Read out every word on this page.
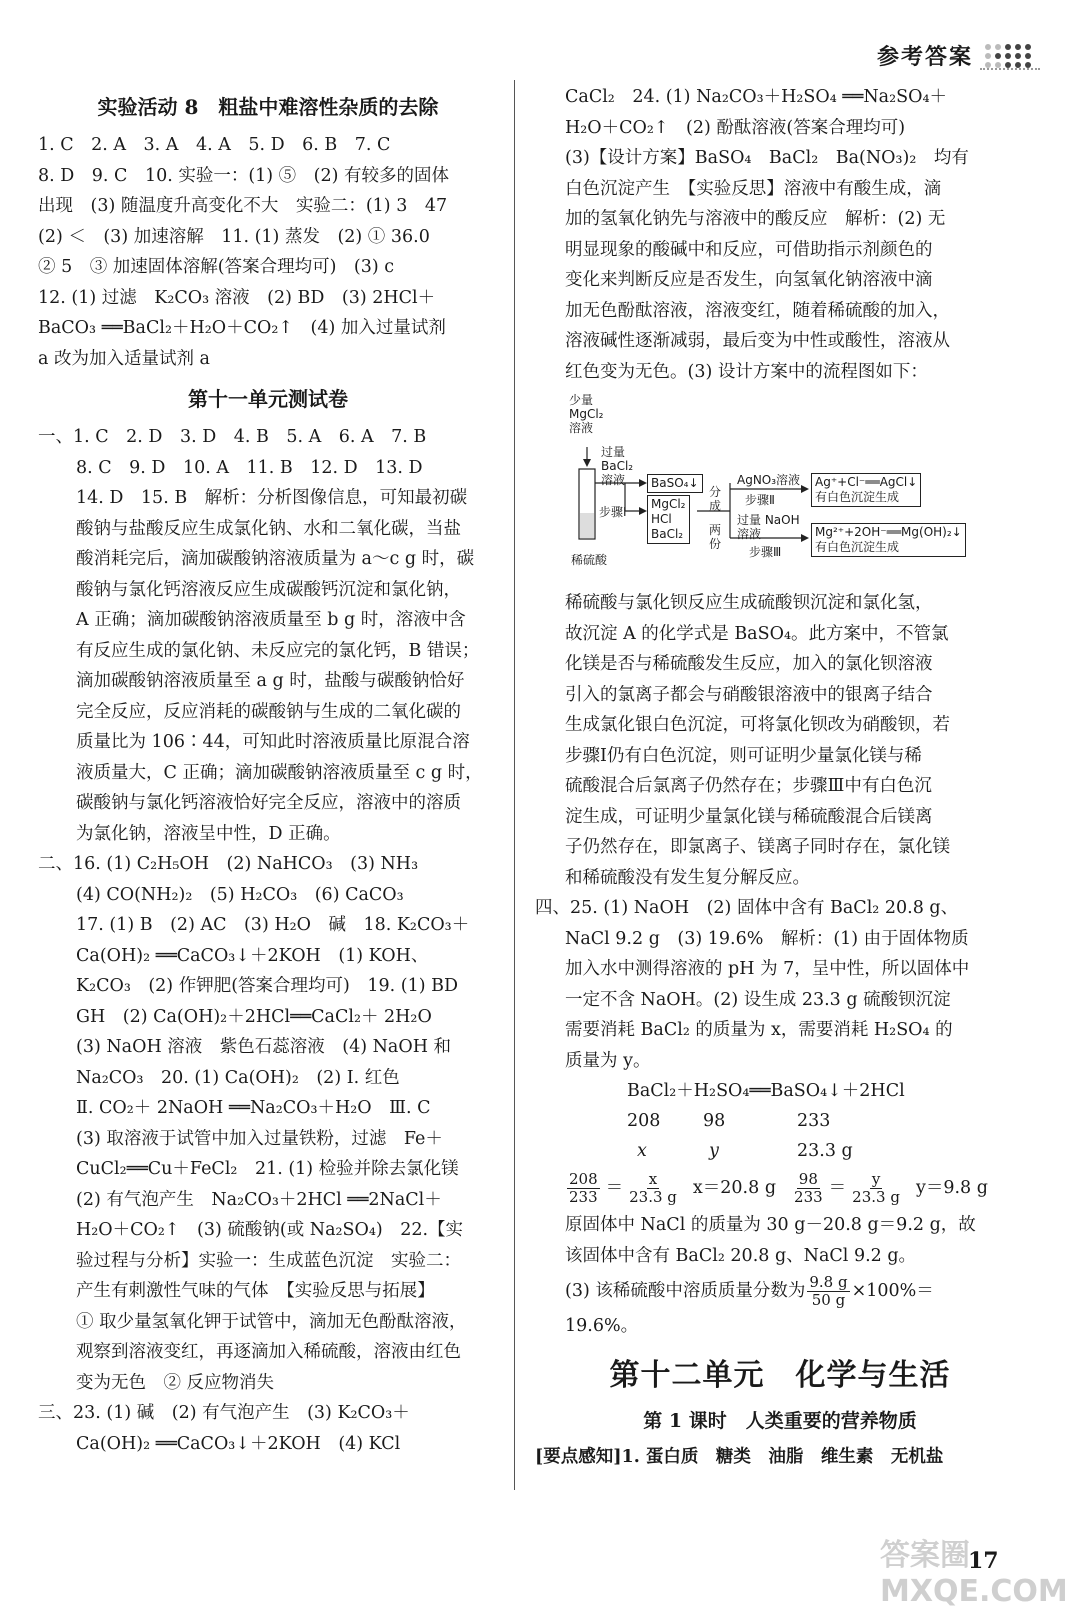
参考答案
实验活动 8　粗盐中难溶性杂质的去除
1. C　2. A　3. A　4. A　5. D　6. B　7. C
8. D　9. C　10. 实验一：(1) ⑤　(2) 有较多的固体
出现　(3) 随温度升高变化不大　实验二：(1) 3　47
(2) ＜　(3) 加速溶解　11. (1) 蒸发　(2) ① 36.0
② 5　③ 加速固体溶解(答案合理均可)　(3) c
12. (1) 过滤　K₂CO₃ 溶液　(2) BD　(3) 2HCl＋
BaCO₃ ══BaCl₂＋H₂O＋CO₂↑　(4) 加入过量试剂
a 改为加入适量试剂 a
第十一单元测试卷
一、1. C　2. D　3. D　4. B　5. A　6. A　7. B
8. C　9. D　10. A　11. B　12. D　13. D
14. D　15. B　解析：分析图像信息，可知最初碳
酸钠与盐酸反应生成氯化钠、水和二氧化碳，当盐
酸消耗完后，滴加碳酸钠溶液质量为 a～c g 时，碳
酸钠与氯化钙溶液反应生成碳酸钙沉淀和氯化钠，
A 正确；滴加碳酸钠溶液质量至 b g 时，溶液中含
有反应生成的氯化钠、未反应完的氯化钙，B 错误；
滴加碳酸钠溶液质量至 a g 时，盐酸与碳酸钠恰好
完全反应，反应消耗的碳酸钠与生成的二氧化碳的
质量比为 106∶44，可知此时溶液质量比原混合溶
液质量大，C 正确；滴加碳酸钠溶液质量至 c g 时，
碳酸钠与氯化钙溶液恰好完全反应，溶液中的溶质
为氯化钠，溶液呈中性，D 正确。
二、16. (1) C₂H₅OH　(2) NaHCO₃　(3) NH₃
(4) CO(NH₂)₂　(5) H₂CO₃　(6) CaCO₃
17. (1) B　(2) AC　(3) H₂O　碱　18. K₂CO₃＋
Ca(OH)₂ ══CaCO₃↓＋2KOH　(1) KOH、
K₂CO₃　(2) 作钾肥(答案合理均可)　19. (1) BD
GH　(2) Ca(OH)₂＋2HCl══CaCl₂＋ 2H₂O
(3) NaOH 溶液　紫色石蕊溶液　(4) NaOH 和
Na₂CO₃　20. (1) Ca(OH)₂　(2) Ⅰ. 红色
Ⅱ. CO₂＋ 2NaOH ══Na₂CO₃＋H₂O　Ⅲ. C
(3) 取溶液于试管中加入过量铁粉，过滤　Fe＋
CuCl₂══Cu＋FeCl₂　21. (1) 检验并除去氯化镁
(2) 有气泡产生　Na₂CO₃＋2HCl ══2NaCl＋
H₂O＋CO₂↑　(3) 硫酸钠(或 Na₂SO₄)　22.【实
验过程与分析】实验一：生成蓝色沉淀　实验二：
产生有刺激性气味的气体　【实验反思与拓展】
① 取少量氢氧化钾于试管中，滴加无色酚酞溶液，
观察到溶液变红，再逐滴加入稀硫酸，溶液由红色
变为无色　② 反应物消失
三、23. (1) 碱　(2) 有气泡产生　(3) K₂CO₃＋
Ca(OH)₂ ══CaCO₃↓＋2KOH　(4) KCl
CaCl₂　24. (1) Na₂CO₃＋H₂SO₄ ══Na₂SO₄＋
H₂O＋CO₂↑　(2) 酚酞溶液(答案合理均可)
(3)【设计方案】BaSO₄　BaCl₂　Ba(NO₃)₂　均有
白色沉淀产生　【实验反思】溶液中有酸生成，滴
加的氢氧化钠先与溶液中的酸反应　解析：(2) 无
明显现象的酸碱中和反应，可借助指示剂颜色的
变化来判断反应是否发生，向氢氧化钠溶液中滴
加无色酚酞溶液，溶液变红，随着稀硫酸的加入，
溶液碱性逐渐减弱，最后变为中性或酸性，溶液从
红色变为无色。(3) 设计方案中的流程图如下：
少量
MgCl₂
溶液
过量
BaCl₂
溶液
步骤Ⅰ
稀硫酸
BaSO₄↓
MgCl₂
HCl
BaCl₂
分
成
两
份
AgNO₃溶液
步骤Ⅱ
过量 NaOH
溶液
步骤Ⅲ
Ag⁺+Cl⁻══AgCl↓
有白色沉淀生成
Mg²⁺+2OH⁻══Mg(OH)₂↓
有白色沉淀生成
稀硫酸与氯化钡反应生成硫酸钡沉淀和氯化氢，
故沉淀 A 的化学式是 BaSO₄。此方案中，不管氯
化镁是否与稀硫酸发生反应，加入的氯化钡溶液
引入的氯离子都会与硝酸银溶液中的银离子结合
生成氯化银白色沉淀，可将氯化钡改为硝酸钡，若
步骤Ⅰ仍有白色沉淀，则可证明少量氯化镁与稀
硫酸混合后氯离子仍然存在；步骤Ⅲ中有白色沉
淀生成，可证明少量氯化镁与稀硫酸混合后镁离
子仍然存在，即氯离子、镁离子同时存在，氯化镁
和稀硫酸没有发生复分解反应。
四、25. (1) NaOH　(2) 固体中含有 BaCl₂ 20.8 g、
NaCl 9.2 g　(3) 19.6%　解析：(1) 由于固体物质
加入水中测得溶液的 pH 为 7，呈中性，所以固体中
一定不含 NaOH。(2) 设生成 23.3 g 硫酸钡沉淀
需要消耗 BaCl₂ 的质量为 x，需要消耗 H₂SO₄ 的
质量为 y。
BaCl₂＋H₂SO₄══BaSO₄↓＋2HCl
208 98	233
x	y	23.3 g
$\frac{208}{233} = \frac{x}{23.3 g} x=20.8$ g $\frac{98}{233} = \frac{y}{23.3 g} y=9.8$ g
原固体中 NaCl 的质量为 30 g－20.8 g＝9.2 g，故
该固体中含有 BaCl₂ 20.8 g、NaCl 9.2 g。
(3) 该稀硫酸中溶质质量分数为 $\frac{9.8 g}{50 g} \times 100\%=$
19.6%。
第十二单元　化学与生活
第 1 课时　人类重要的营养物质
[要点感知]1. 蛋白质　糖类　油脂　维生素　无机盐
答案圈 MXQE.COM
17
